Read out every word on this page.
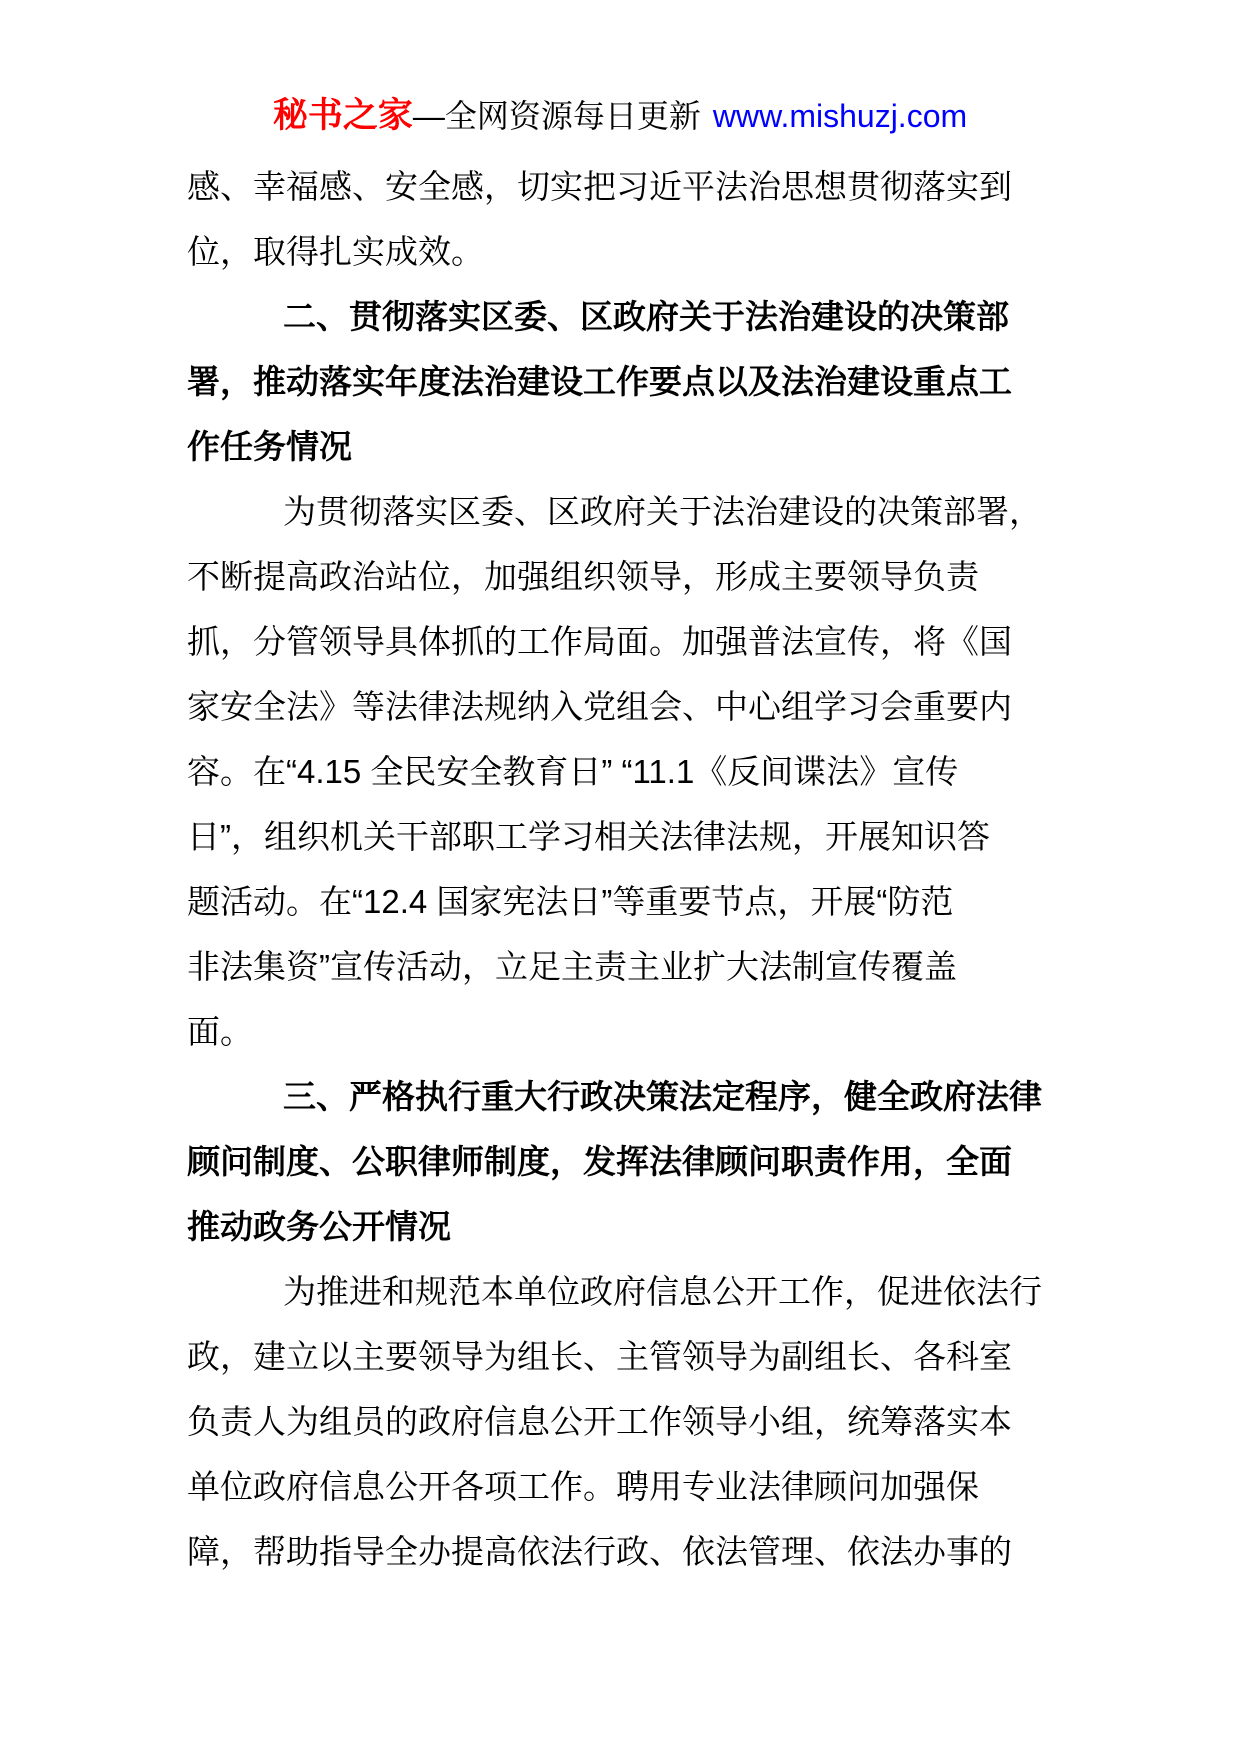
秘书之家—全网资源每日更新 www.mishuzj.com
感、幸福感、安全感，切实把习近平法治思想贯彻落实到
位，取得扎实成效。
二、贯彻落实区委、区政府关于法治建设的决策部
署，推动落实年度法治建设工作要点以及法治建设重点工
作任务情况
为贯彻落实区委、区政府关于法治建设的决策部署，
不断提高政治站位，加强组织领导，形成主要领导负责
抓，分管领导具体抓的工作局面。加强普法宣传，将《国
家安全法》等法律法规纳入党组会、中心组学习会重要内
容。在“4.15 全民安全教育日” “11.1《反间谍法》宣传
日”，组织机关干部职工学习相关法律法规，开展知识答
题活动。在“12.4 国家宪法日”等重要节点，开展“防范
非法集资”宣传活动，立足主责主业扩大法制宣传覆盖
面。
三、严格执行重大行政决策法定程序，健全政府法律
顾问制度、公职律师制度，发挥法律顾问职责作用，全面
推动政务公开情况
为推进和规范本单位政府信息公开工作，促进依法行
政，建立以主要领导为组长、主管领导为副组长、各科室
负责人为组员的政府信息公开工作领导小组，统筹落实本
单位政府信息公开各项工作。聘用专业法律顾问加强保
障，帮助指导全办提高依法行政、依法管理、依法办事的
